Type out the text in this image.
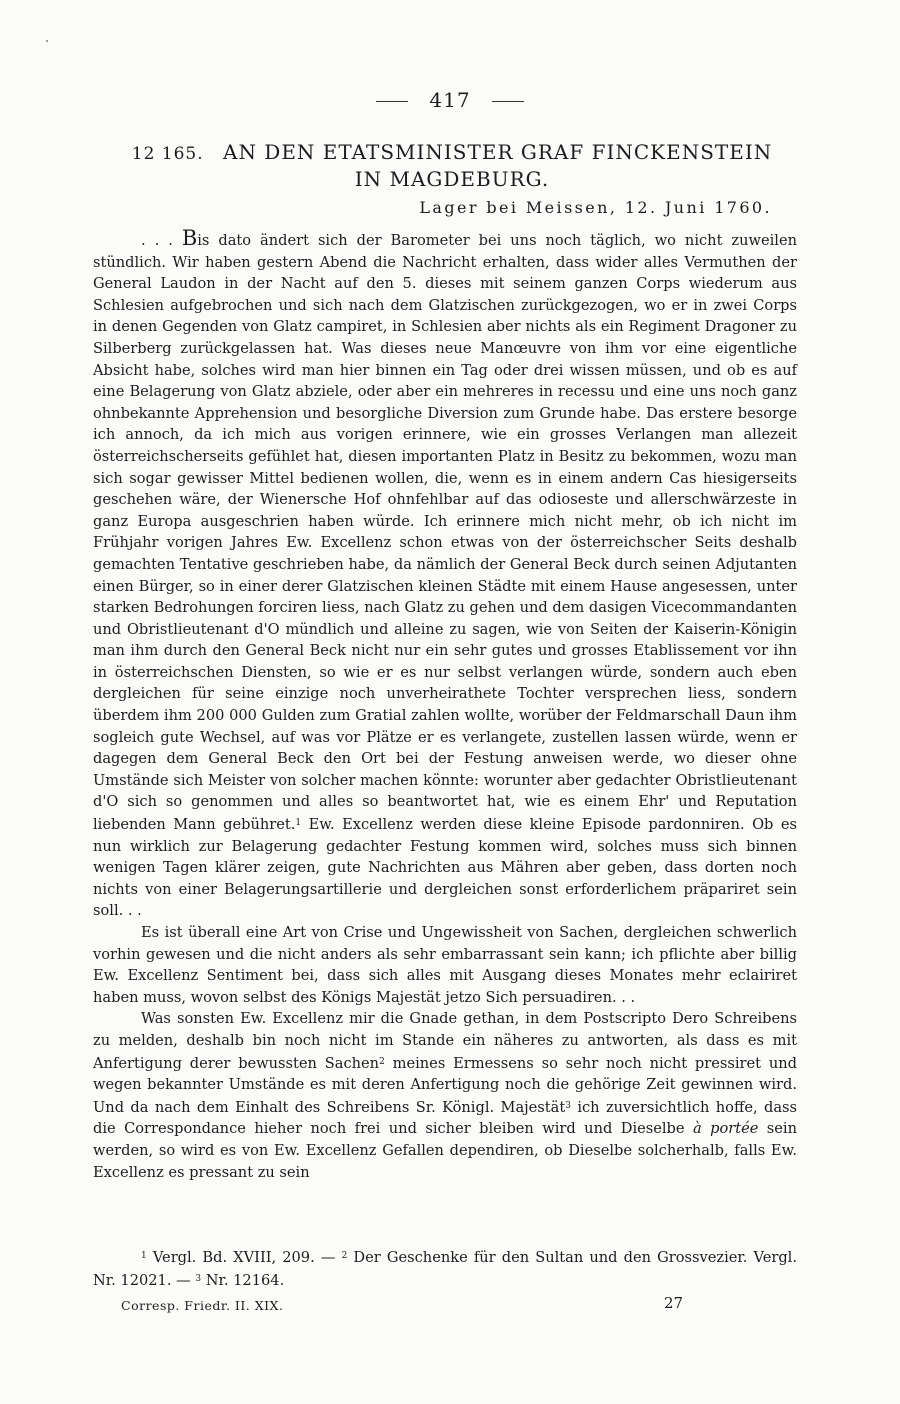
417
12 165. AN DEN ETATSMINISTER GRAF FINCKENSTEIN
IN MAGDEBURG.
Lager bei Meissen, 12. Juni 1760.

. . . Bis dato ändert sich der Barometer bei uns noch täglich, wo nicht zuweilen stündlich. Wir haben gestern Abend die Nachricht erhalten, dass wider alles Vermuthen der General Laudon in der Nacht auf den 5. dieses mit seinem ganzen Corps wiederum aus Schlesien aufgebrochen und sich nach dem Glatzischen zurückgezogen, wo er in zwei Corps in denen Gegenden von Glatz campiret, in Schlesien aber nichts als ein Regiment Dragoner zu Silberberg zurückgelassen hat. Was dieses neue Manœuvre von ihm vor eine eigentliche Absicht habe, solches wird man hier binnen ein Tag oder drei wissen müssen, und ob es auf eine Belagerung von Glatz abziele, oder aber ein mehreres in recessu und eine uns noch ganz ohnbekannte Apprehension und besorgliche Diversion zum Grunde habe. Das erstere besorge ich annoch, da ich mich aus vorigen erinnere, wie ein grosses Verlangen man allezeit österreichscherseits gefühlet hat, diesen importanten Platz in Besitz zu bekommen, wozu man sich sogar gewisser Mittel bedienen wollen, die, wenn es in einem andern Cas hiesigerseits geschehen wäre, der Wienersche Hof ohnfehlbar auf das odioseste und allerschwärzeste in ganz Europa ausgeschrien haben würde. Ich erinnere mich nicht mehr, ob ich nicht im Frühjahr vorigen Jahres Ew. Excellenz schon etwas von der österreichscher Seits deshalb gemachten Tentative geschrieben habe, da nämlich der General Beck durch seinen Adjutanten einen Bürger, so in einer derer Glatzischen kleinen Städte mit einem Hause angesessen, unter starken Bedrohungen forciren liess, nach Glatz zu gehen und dem dasigen Vicecommandanten und Obristlieutenant d'O mündlich und alleine zu sagen, wie von Seiten der Kaiserin-Königin man ihm durch den General Beck nicht nur ein sehr gutes und grosses Etablissement vor ihn in österreichschen Diensten, so wie er es nur selbst verlangen würde, sondern auch eben dergleichen für seine einzige noch unverheirathete Tochter versprechen liess, sondern überdem ihm 200 000 Gulden zum Gratial zahlen wollte, worüber der Feldmarschall Daun ihm sogleich gute Wechsel, auf was vor Plätze er es verlangete, zustellen lassen würde, wenn er dagegen dem General Beck den Ort bei der Festung anweisen werde, wo dieser ohne Umstände sich Meister von solcher machen könnte: worunter aber gedachter Obristlieutenant d'O sich so genommen und alles so beantwortet hat, wie es einem Ehr' und Reputation liebenden Mann gebühret.$^1$ Ew. Excellenz werden diese kleine Episode pardonniren. Ob es nun wirklich zur Belagerung gedachter Festung kommen wird, solches muss sich binnen wenigen Tagen klärer zeigen, gute Nachrichten aus Mähren aber geben, dass dorten noch nichts von einer Belagerungsartillerie und dergleichen sonst erforderlichem präpariret sein soll. . .

Es ist überall eine Art von Crise und Ungewissheit von Sachen, dergleichen schwerlich vorhin gewesen und die nicht anders als sehr embarrassant sein kann; ich pflichte aber billig Ew. Excellenz Sentiment bei, dass sich alles mit Ausgang dieses Monates mehr eclairiret haben muss, wovon selbst des Königs Majestät jetzo Sich persuadiren. . .

Was sonsten Ew. Excellenz mir die Gnade gethan, in dem Postscripto Dero Schreibens zu melden, deshalb bin noch nicht im Stande ein näheres zu antworten, als dass es mit Anfertigung derer bewussten Sachen$^2$ meines Ermessens so sehr noch nicht pressiret und wegen bekannter Umstände es mit deren Anfertigung noch die gehörige Zeit gewinnen wird. Und da nach dem Einhalt des Schreibens Sr. Königl. Majestät$^3$ ich zuversichtlich hoffe, dass die Correspondance hieher noch frei und sicher bleiben wird und Dieselbe à portée sein werden, so wird es von Ew. Excellenz Gefallen dependiren, ob Dieselbe solcherhalb, falls Ew. Excellenz es pressant zu sein

$^1$ Vergl. Bd. XVIII, 209. — $^2$ Der Geschenke für den Sultan und den Grossvezier. Vergl. Nr. 12021. — $^3$ Nr. 12164.

Corresp. Friedr. II. XIX.	27
